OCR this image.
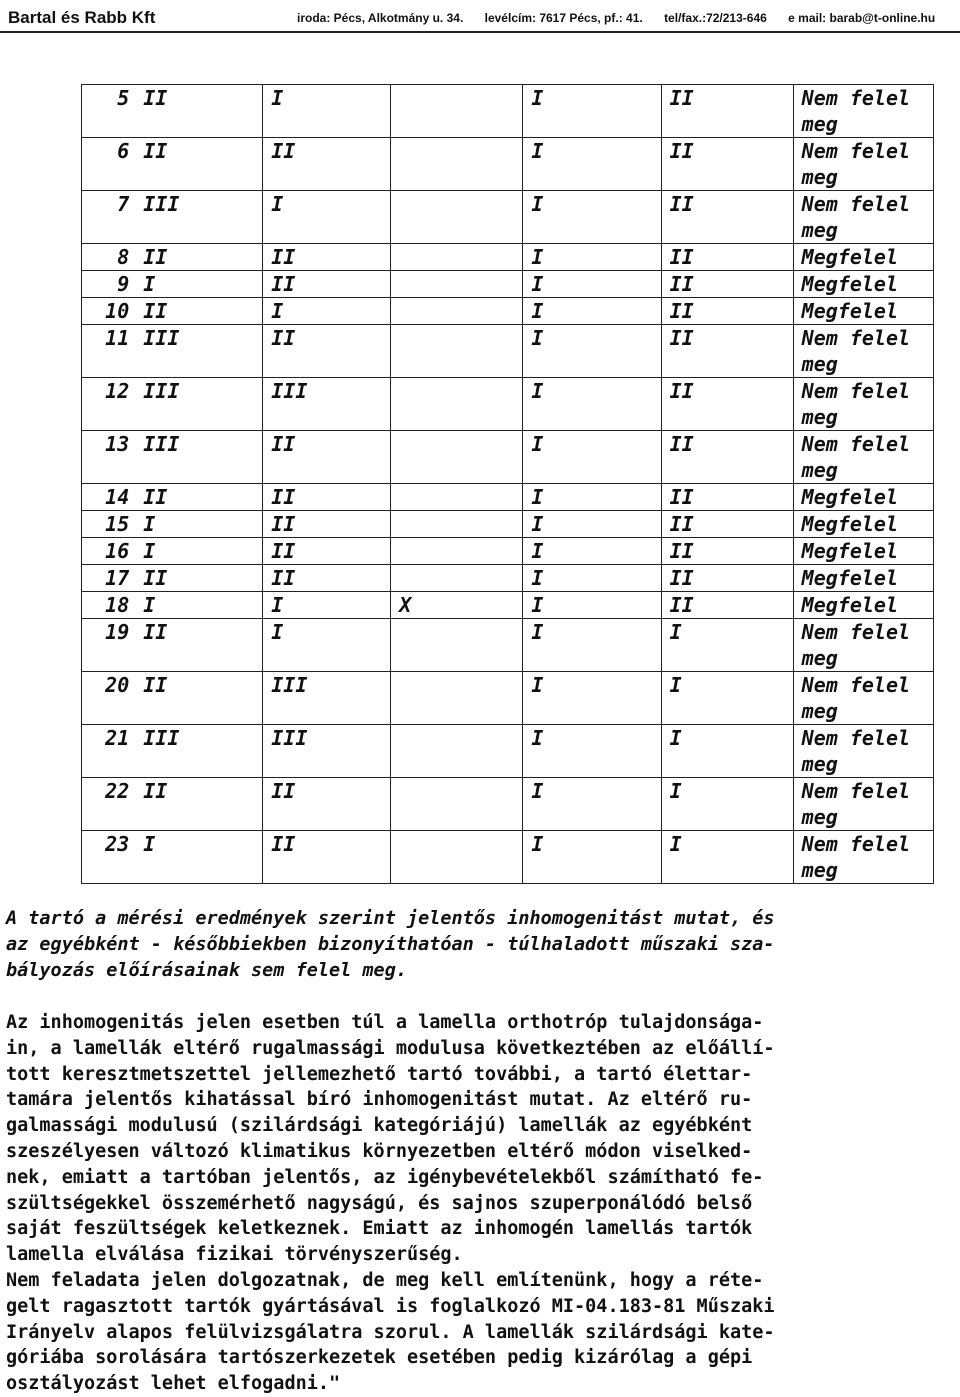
Bartal és Rabb Kft	iroda: Pécs, Alkotmány u. 34. levélcím: 7617 Pécs, pf.: 41. tel/fax.:72/213-646 e mail: barab@t-online.hu
5	II	I		I	II	Nem felel meg
6	II	II		I	II	Nem felel meg
7	III	I		I	II	Nem felel meg
8	II	II		I	II	Megfelel
9	I	II		I	II	Megfelel
10	II	I		I	II	Megfelel
11	III	II		I	II	Nem felel meg
12	III	III		I	II	Nem felel meg
13	III	II		I	II	Nem felel meg
14	II	II		I	II	Megfelel
15	I	II		I	II	Megfelel
16	I	II		I	II	Megfelel
17	II	II		I	II	Megfelel
18	I	I	X	I	II	Megfelel
19	II	I		I	I	Nem felel meg
20	II	III		I	I	Nem felel meg
21	III	III		I	I	Nem felel meg
22	II	II		I	I	Nem felel meg
23	I	II		I	I	Nem felel meg
A tartó a mérési eredmények szerint jelentős inhomogenitást mutat, és
az egyébként - későbbiekben bizonyíthatóan - túlhaladott műszaki sza-
bályozás előírásainak sem felel meg.
Az inhomogenitás jelen esetben túl a lamella orthotróp tulajdonsága-
in, a lamellák eltérő rugalmassági modulusa következtében az előállí-
tott keresztmetszettel jellemezhető tartó további, a tartó élettar-
tamára jelentős kihatással bíró inhomogenitást mutat. Az eltérő ru-
galmassági modulusú (szilárdsági kategóriájú) lamellák az egyébként
szeszélyesen változó klimatikus környezetben eltérő módon viselked-
nek, emiatt a tartóban jelentős, az igénybevételekből számítható fe-
szültségekkel összemérhető nagyságú, és sajnos szuperponálódó belső
saját feszültségek keletkeznek. Emiatt az inhomogén lamellás tartók
lamella elválása fizikai törvényszerűség.
Nem feladata jelen dolgozatnak, de meg kell említenünk, hogy a réte-
gelt ragasztott tartók gyártásával is foglalkozó MI-04.183-81 Műszaki
Irányelv alapos felülvizsgálatra szorul. A lamellák szilárdsági kate-
góriába sorolására tartószerkezetek esetében pedig kizárólag a gépi
osztályozást lehet elfogadni."
